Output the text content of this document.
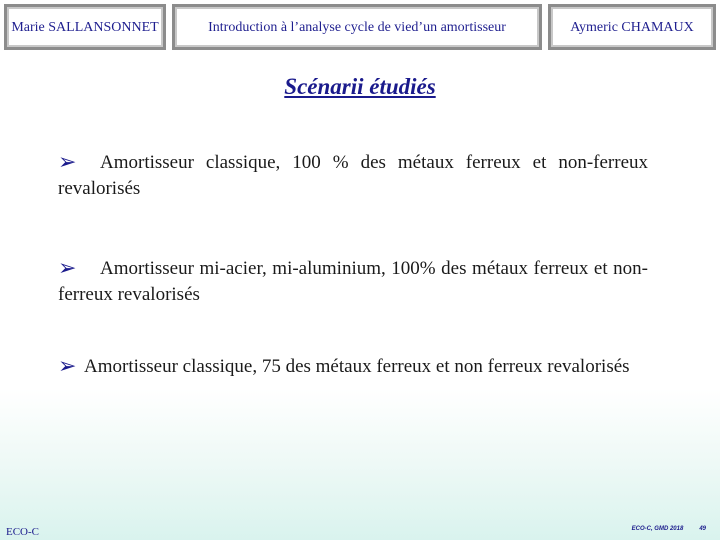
Marie SALLANSONNET	Introduction à l’analyse cycle de vied’un amortisseur	Aymeric CHAMAUX
Scénarii étudiés
➢	Amortisseur classique, 100 % des métaux ferreux et non-ferreux revalorisés
➢	Amortisseur mi-acier, mi-aluminium, 100% des métaux ferreux et non-ferreux revalorisés
➢ Amortisseur classique, 75 des métaux ferreux et non ferreux revalorisés
ECO-C	ECO-C, GMD 2018	49
